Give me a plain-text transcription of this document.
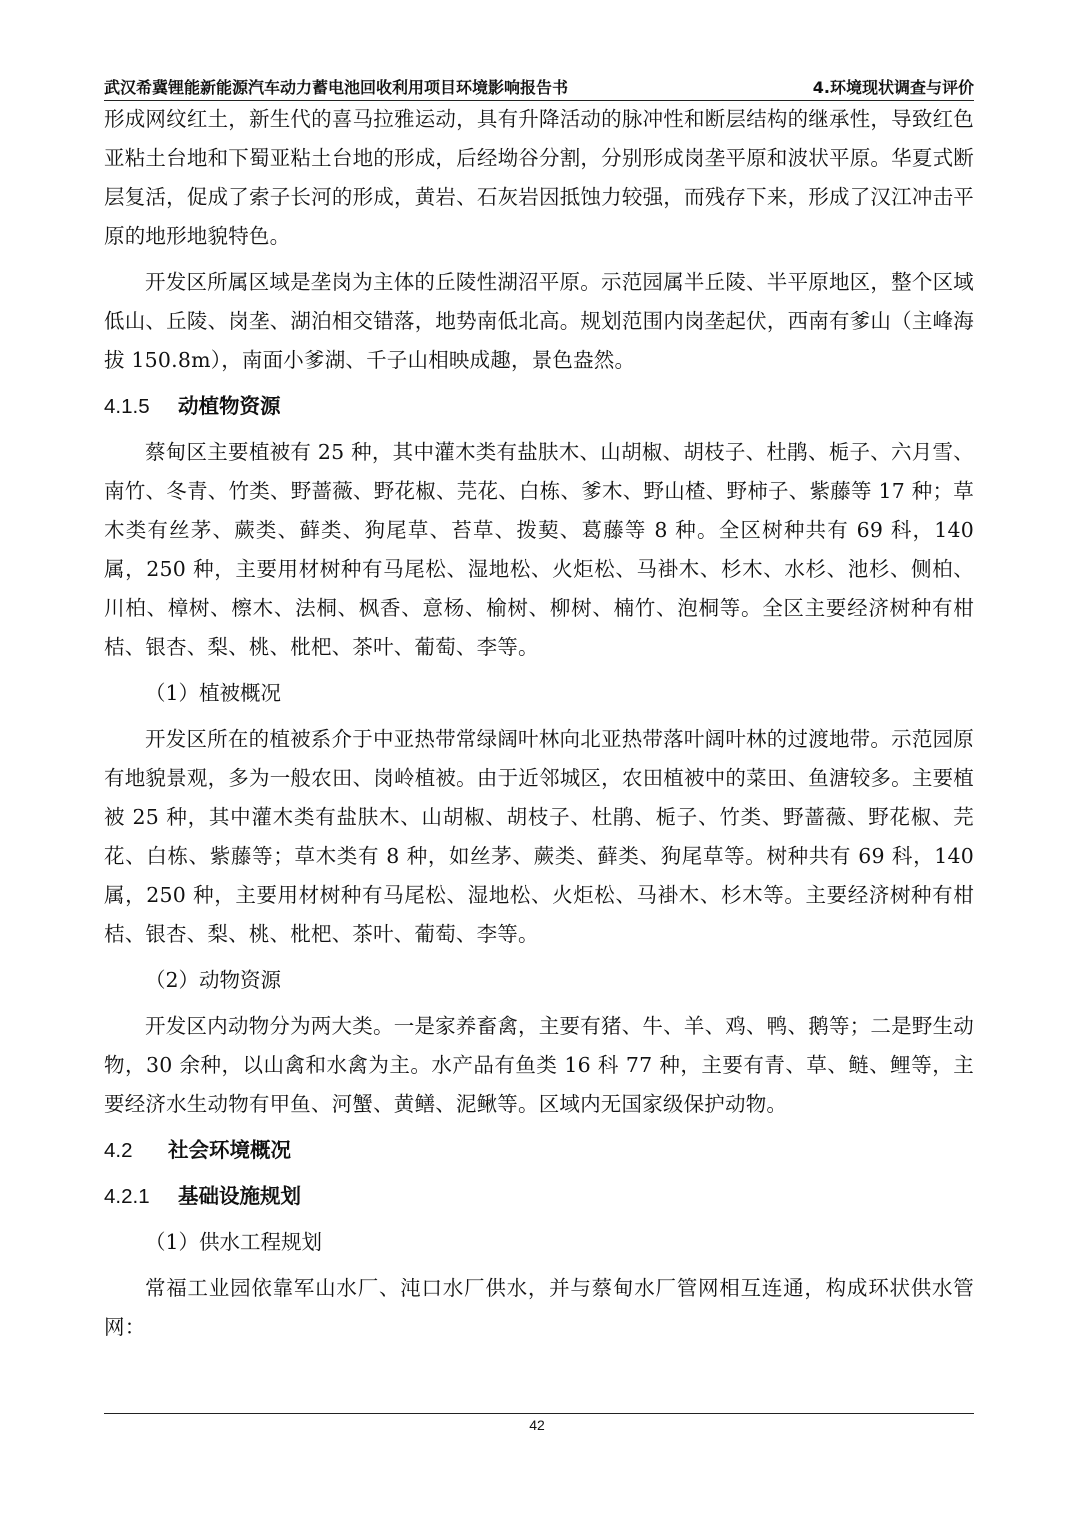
武汉希冀锂能新能源汽车动力蓄电池回收利用项目环境影响报告书	4.环境现状调查与评价

形成网纹红土，新生代的喜马拉雅运动，具有升降活动的脉冲性和断层结构的继承性，导致红色亚粘土台地和下蜀亚粘土台地的形成，后经坳谷分割，分别形成岗垄平原和波状平原。华夏式断层复活，促成了索子长河的形成，黄岩、石灰岩因抵蚀力较强，而残存下来，形成了汉江冲击平原的地形地貌特色。

开发区所属区域是垄岗为主体的丘陵性湖沼平原。示范园属半丘陵、半平原地区，整个区域低山、丘陵、岗垄、湖泊相交错落，地势南低北高。规划范围内岗垄起伏，西南有爹山（主峰海拔 150.8m），南面小爹湖、千子山相映成趣，景色盎然。

4.1.5	动植物资源

蔡甸区主要植被有 25 种，其中灌木类有盐肤木、山胡椒、胡枝子、杜鹃、栀子、六月雪、南竹、冬青、竹类、野蔷薇、野花椒、芫花、白栋、爹木、野山楂、野柿子、紫藤等 17 种；草木类有丝茅、蕨类、藓类、狗尾草、苔草、拨葜、葛藤等 8 种。全区树种共有 69 科，140 属，250 种，主要用材树种有马尾松、湿地松、火炬松、马褂木、杉木、水杉、池杉、侧柏、川柏、樟树、檫木、法桐、枫香、意杨、榆树、柳树、楠竹、泡桐等。全区主要经济树种有柑桔、银杏、梨、桃、枇杷、茶叶、葡萄、李等。

（1）植被概况

开发区所在的植被系介于中亚热带常绿阔叶林向北亚热带落叶阔叶林的过渡地带。示范园原有地貌景观，多为一般农田、岗岭植被。由于近邻城区，农田植被中的菜田、鱼溏较多。主要植被 25 种，其中灌木类有盐肤木、山胡椒、胡枝子、杜鹃、栀子、竹类、野蔷薇、野花椒、芫花、白栋、紫藤等；草木类有 8 种，如丝茅、蕨类、藓类、狗尾草等。树种共有 69 科，140 属，250 种，主要用材树种有马尾松、湿地松、火炬松、马褂木、杉木等。主要经济树种有柑桔、银杏、梨、桃、枇杷、茶叶、葡萄、李等。

（2）动物资源

开发区内动物分为两大类。一是家养畜禽，主要有猪、牛、羊、鸡、鸭、鹅等；二是野生动物，30 余种，以山禽和水禽为主。水产品有鱼类 16 科 77 种，主要有青、草、鲢、鲤等，主要经济水生动物有甲鱼、河蟹、黄鳝、泥鳅等。区域内无国家级保护动物。

4.2	社会环境概况
4.2.1	基础设施规划

（1）供水工程规划

常福工业园依靠军山水厂、沌口水厂供水，并与蔡甸水厂管网相互连通，构成环状供水管网：

42
